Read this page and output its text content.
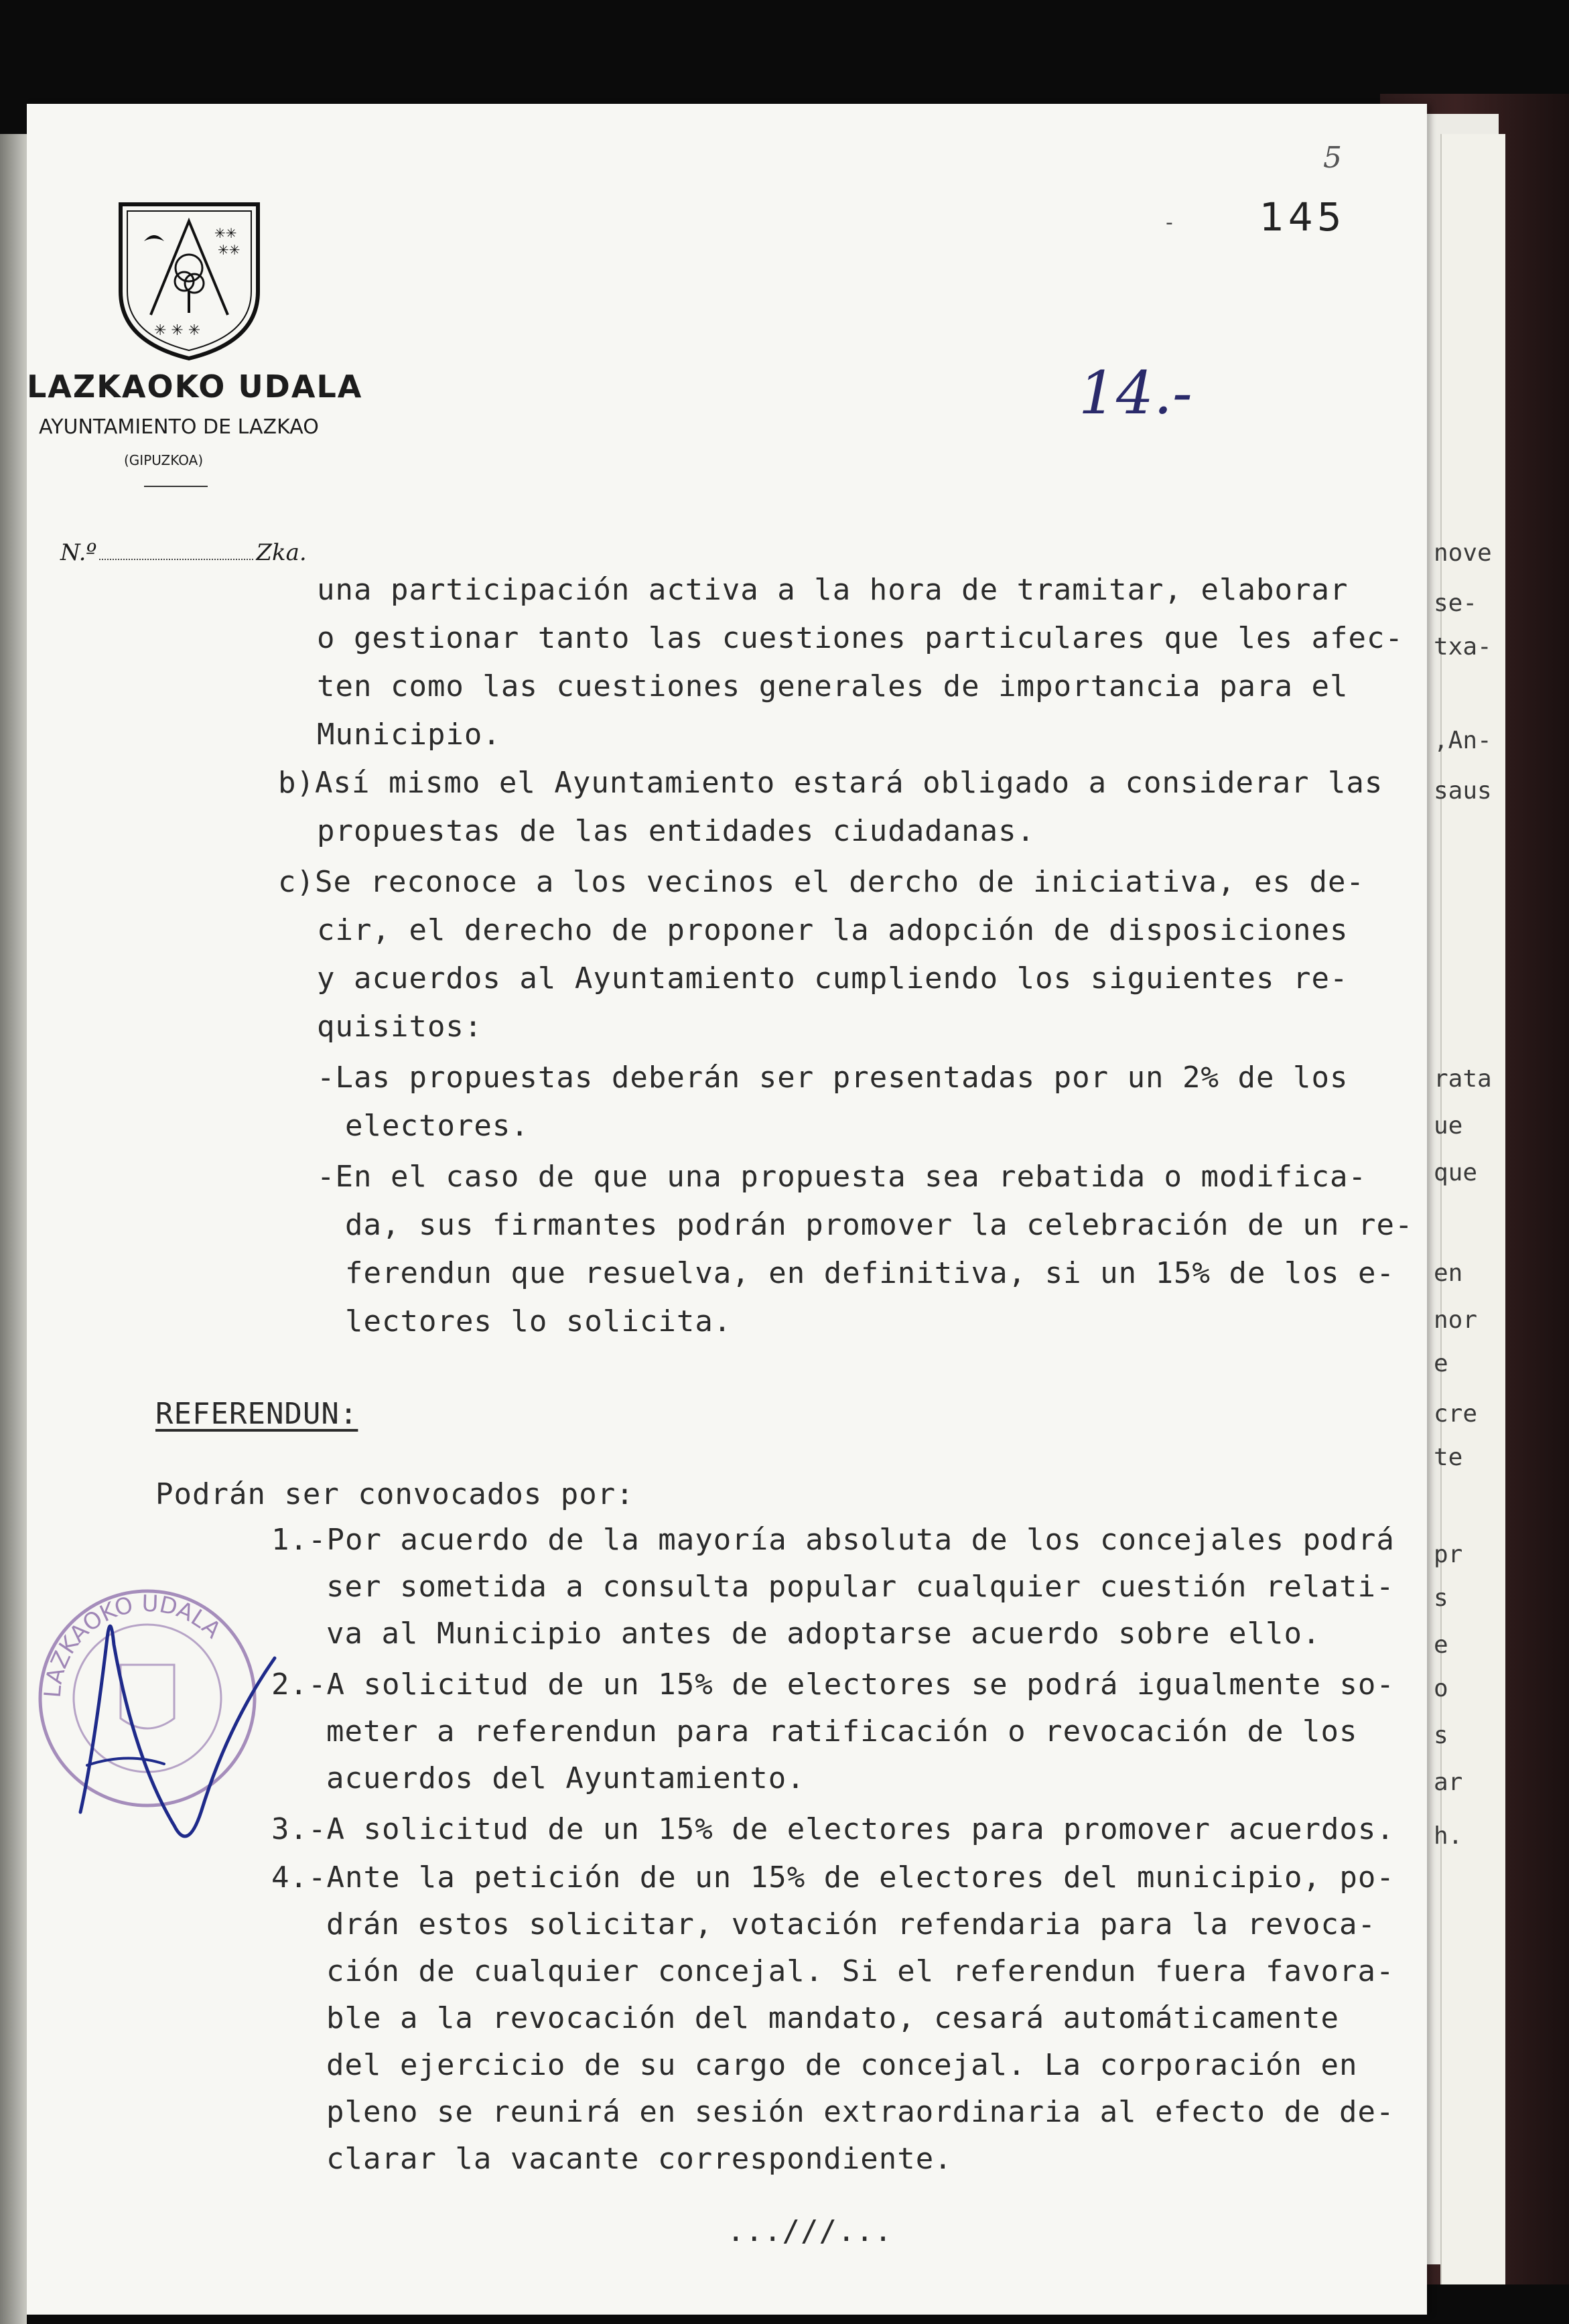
nove
se-
txa-
,An-
saus
rata
ue
que
en
nor
e
cre
te
pr
s
e
o
s
ar
h.
✳✳
✳✳
✳ ✳ ✳
LAZKAOKO UDALA
AYUNTAMIENTO DE LAZKAO
(GIPUZKOA)
N.º	Zka.
5
145
-
14.-
una participación activa a la hora de tramitar, elaborar
o gestionar tanto las cuestiones particulares que les afec-
ten como las cuestiones generales de importancia para el
Municipio.
b)Así mismo el Ayuntamiento estará obligado a considerar las
propuestas de las entidades ciudadanas.
c)Se reconoce a los vecinos el dercho de iniciativa, es de-
cir, el derecho de proponer la adopción de disposiciones
y acuerdos al Ayuntamiento cumpliendo los siguientes re-
quisitos:
-Las propuestas deberán ser presentadas por un 2% de los
electores.
-En el caso de que una propuesta sea rebatida o modifica-
da, sus firmantes podrán promover la celebración de un re-
ferendun que resuelva, en definitiva, si un 15% de los e-
lectores lo solicita.
Podrán ser convocados por:
1.-Por acuerdo de la mayoría absoluta de los concejales podrá
ser sometida a consulta popular cualquier cuestión relati-
va al Municipio antes de adoptarse acuerdo sobre ello.
2.-A solicitud de un 15% de electores se podrá igualmente so-
meter a referendun para ratificación o revocación de los
acuerdos del Ayuntamiento.
3.-A solicitud de un 15% de electores para promover acuerdos.
4.-Ante la petición de un 15% de electores del municipio, po-
drán estos solicitar, votación refendaria para la revoca-
ción de cualquier concejal. Si el referendun fuera favora-
ble a la revocación del mandato, cesará automáticamente
del ejercicio de su cargo de concejal. La corporación en
pleno se reunirá en sesión extraordinaria al efecto de de-
clarar la vacante correspondiente.
REFERENDUN:
LAZKAOKO UDALA
...///...
